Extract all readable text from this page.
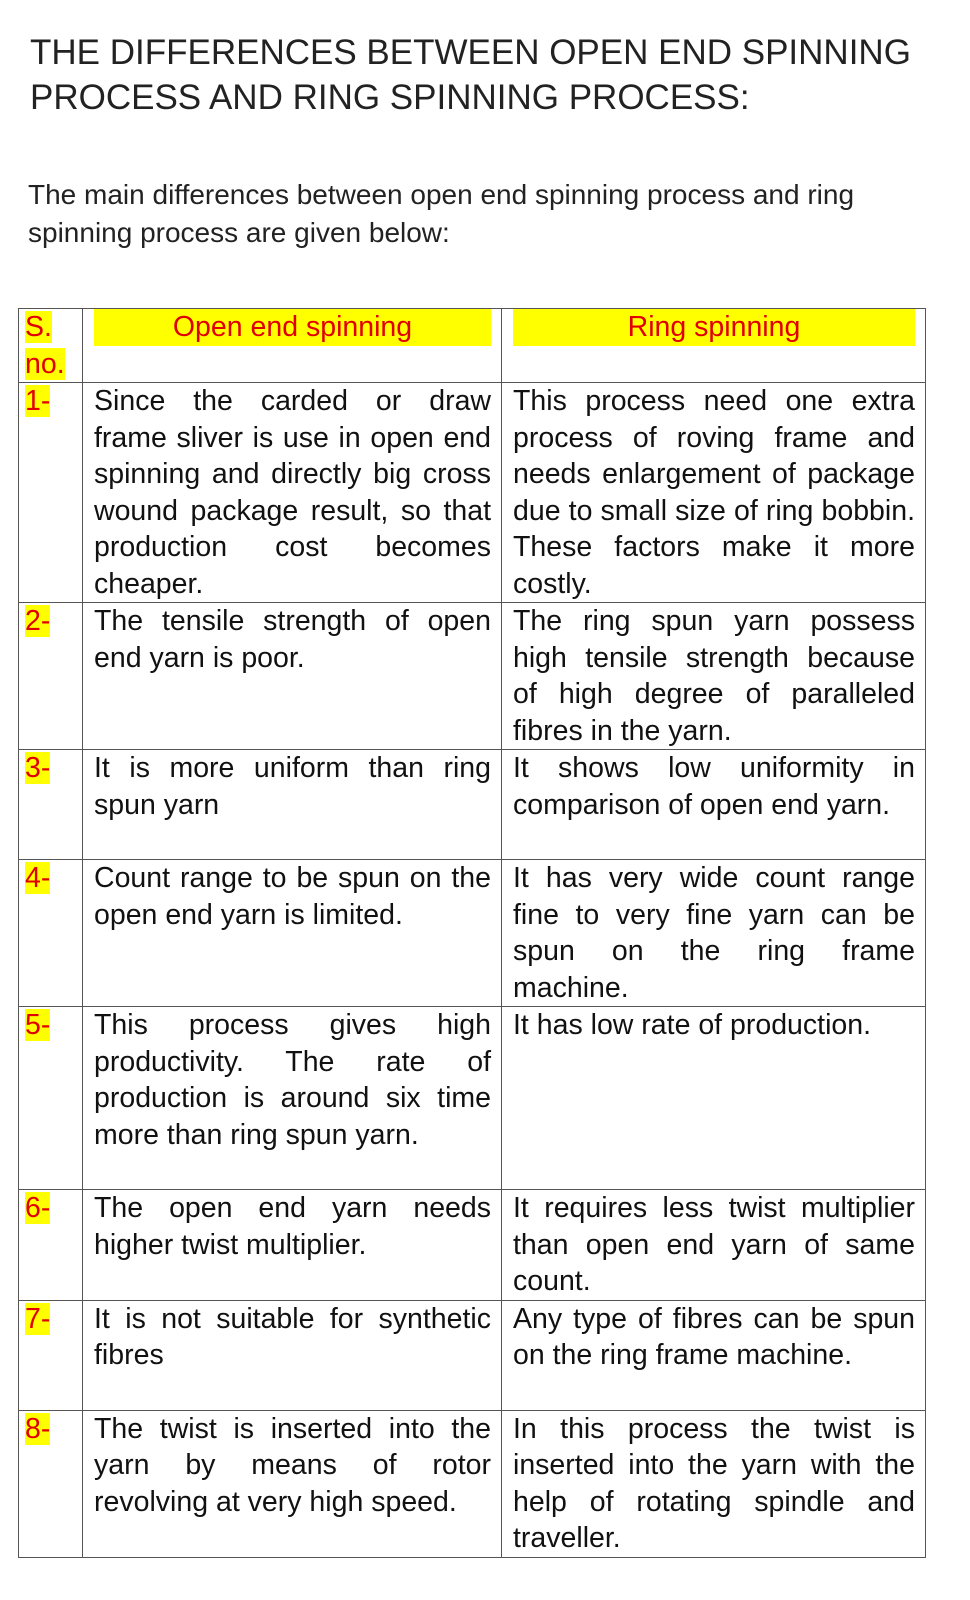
THE DIFFERENCES BETWEEN OPEN END SPINNING PROCESS AND RING SPINNING PROCESS:

The main differences between open end spinning process and ring spinning process are given below:

S. no.	Open end spinning	Ring spinning

1-	Since the carded or draw frame sliver is use in open end spinning and directly big cross wound package result, so that production cost becomes cheaper.	This process need one extra process of roving frame and needs enlargement of package due to small size of ring bobbin. These factors make it more costly.
2-	The tensile strength of open end yarn is poor.	The ring spun yarn possess high tensile strength because of high degree of paralleled fibres in the yarn.
3-	It is more uniform than ring spun yarn	It shows low uniformity in comparison of open end yarn.
4-	Count range to be spun on the open end yarn is limited.	It has very wide count range fine to very fine yarn can be spun on the ring frame machine.
5-	This process gives high productivity. The rate of production is around six time more than ring spun yarn.	It has low rate of production.
6-	The open end yarn needs higher twist multiplier.	It requires less twist multiplier than open end yarn of same count.
7-	It is not suitable for synthetic fibres	Any type of fibres can be spun on the ring frame machine.
8-	The twist is inserted into the yarn by means of rotor revolving at very high speed.	In this process the twist is inserted into the yarn with the help of rotating spindle and traveller.
